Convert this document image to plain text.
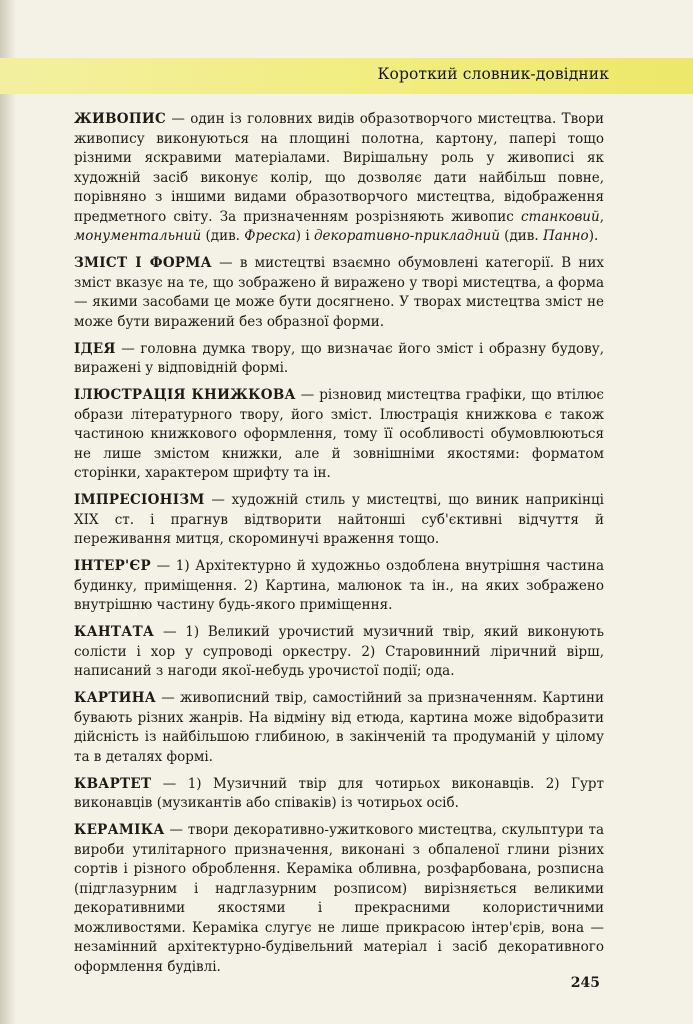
Короткий словник-довідник

ЖИВОПИС — один із головних видів образотворчого мистецтва. Твори живопису виконуються на площині полотна, картону, папері тощо різними яскравими матеріалами. Вирішальну роль у живописі як художній засіб виконує колір, що дозволяє дати найбільш повне, порівняно з іншими видами образотворчого мистецтва, відображення предметного світу. За призначенням розрізняють живопис станковий, монументальний (див. Фреска) і декоративно-прикладний (див. Панно).

ЗМІСТ І ФОРМА — в мистецтві взаємно обумовлені категорії. В них зміст вказує на те, що зображено й виражено у творі мистецтва, а форма — якими засобами це може бути досягнено. У творах мистецтва зміст не може бути виражений без образної форми.

ІДЕЯ — головна думка твору, що визначає його зміст і образну будову, виражені у відповідній формі.

ІЛЮСТРАЦІЯ КНИЖКОВА — різновид мистецтва графіки, що втілює образи літературного твору, його зміст. Ілюстрація книжкова є також частиною книжкового оформлення, тому її особливості обумовлюються не лише змістом книжки, але й зовнішніми якостями: форматом сторінки, характером шрифту та ін.

ІМПРЕСІОНІЗМ — художній стиль у мистецтві, що виник наприкінці XIX ст. і прагнув відтворити найтонші суб'єктивні відчуття й переживання митця, скороминучі враження тощо.

ІНТЕР'ЄР — 1) Архітектурно й художньо оздоблена внутрішня частина будинку, приміщення. 2) Картина, малюнок та ін., на яких зображено внутрішню частину будь-якого приміщення.

КАНТАТА — 1) Великий урочистий музичний твір, який виконують солісти і хор у супроводі оркестру. 2) Старовинний ліричний вірш, написаний з нагоди якої-небудь урочистої події; ода.

КАРТИНА — живописний твір, самостійний за призначенням. Картини бувають різних жанрів. На відміну від етюда, картина може відобразити дійсність із найбільшою глибиною, в закінченій та продуманій у цілому та в деталях формі.

КВАРТЕТ — 1) Музичний твір для чотирьох виконавців. 2) Гурт виконавців (музикантів або співаків) із чотирьох осіб.

КЕРАМІКА — твори декоративно-ужиткового мистецтва, скульптури та вироби утилітарного призначення, виконані з обпаленої глини різних сортів і різного оброблення. Кераміка обливна, розфарбована, розписна (підглазурним і надглазурним розписом) вирізняється великими декоративними якостями і прекрасними колористичними можливостями. Кераміка слугує не лише прикрасою інтер'єрів, вона — незамінний архітектурно-будівельний матеріал і засіб декоративного оформлення будівлі.

245
